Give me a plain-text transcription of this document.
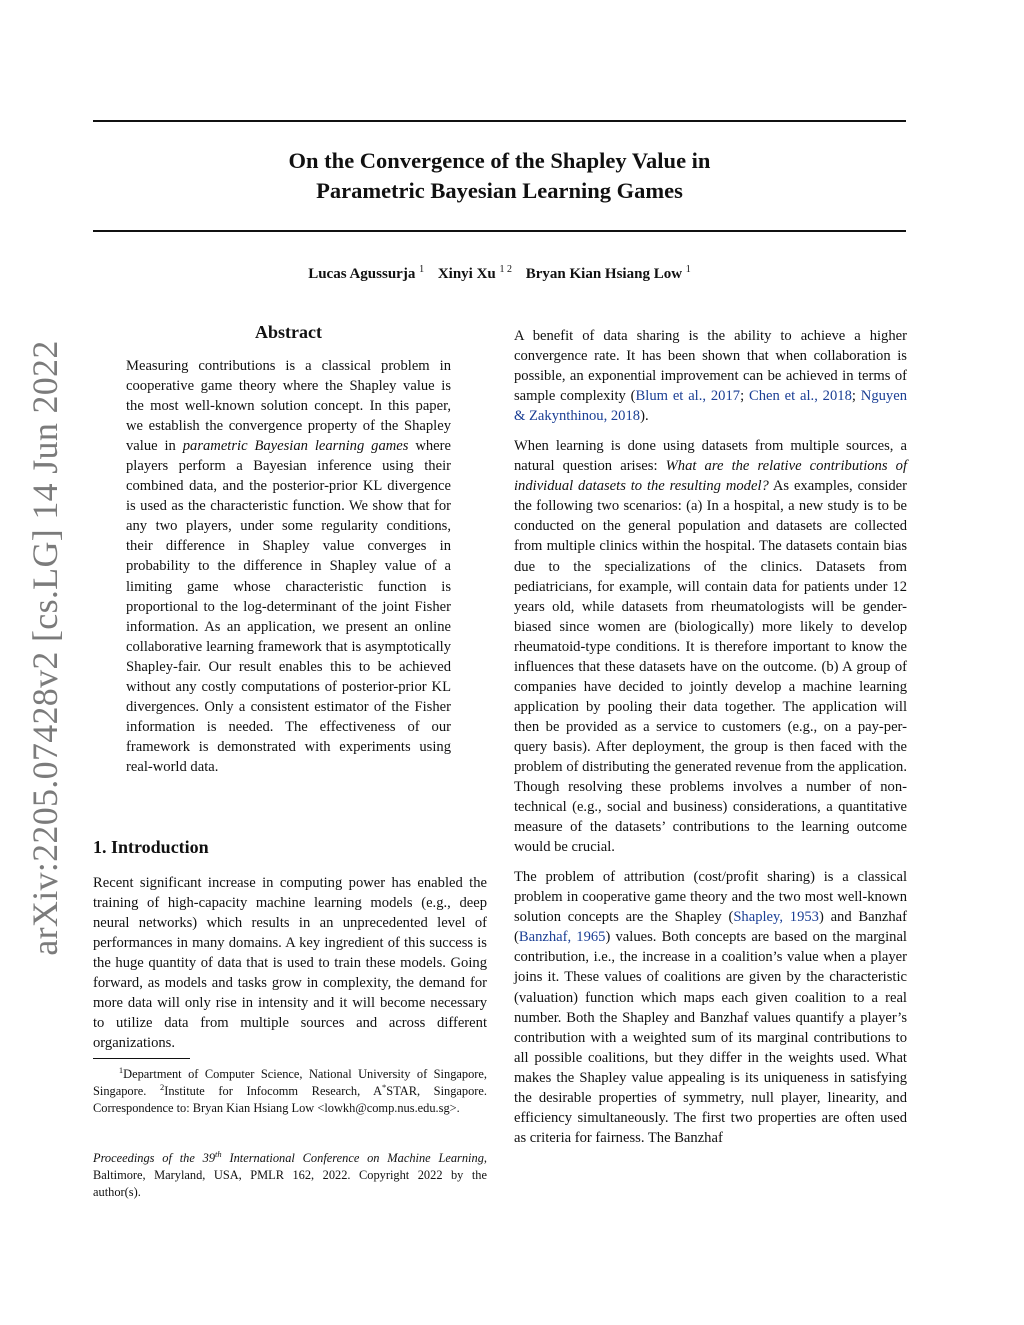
On the Convergence of the Shapley Value in
Parametric Bayesian Learning Games
Lucas Agussurja $^1$ Xinyi Xu $^{1 2}$ Bryan Kian Hsiang Low $^1$
arXiv:2205.07428v2 [cs.LG] 14 Jun 2022
Abstract
Measuring contributions is a classical problem in cooperative game theory where the Shapley value is the most well-known solution concept. In this paper, we establish the convergence property of the Shapley value in parametric Bayesian learning games where players perform a Bayesian inference using their combined data, and the posterior-prior KL divergence is used as the characteristic function. We show that for any two players, under some regularity conditions, their difference in Shapley value converges in probability to the difference in Shapley value of a limiting game whose characteristic function is proportional to the log-determinant of the joint Fisher information. As an application, we present an online collaborative learning framework that is asymptotically Shapley-fair. Our result enables this to be achieved without any costly computations of posterior-prior KL divergences. Only a consistent estimator of the Fisher information is needed. The effectiveness of our framework is demonstrated with experiments using real-world data.
1. Introduction
Recent significant increase in computing power has enabled the training of high-capacity machine learning models (e.g., deep neural networks) which results in an unprecedented level of performances in many domains. A key ingredient of this success is the huge quantity of data that is used to train these models. Going forward, as models and tasks grow in complexity, the demand for more data will only rise in intensity and it will become necessary to utilize data from multiple sources and across different organizations.
$^1$Department of Computer Science, National University of Singapore, Singapore. $^2$Institute for Infocomm Research, A*STAR, Singapore. Correspondence to: Bryan Kian Hsiang Low <lowkh@comp.nus.edu.sg>.
Proceedings of the 39th International Conference on Machine Learning, Baltimore, Maryland, USA, PMLR 162, 2022. Copyright 2022 by the author(s).

A benefit of data sharing is the ability to achieve a higher convergence rate. It has been shown that when collaboration is possible, an exponential improvement can be achieved in terms of sample complexity (Blum et al., 2017; Chen et al., 2018; Nguyen & Zakynthinou, 2018).

When learning is done using datasets from multiple sources, a natural question arises: What are the relative contributions of individual datasets to the resulting model? As examples, consider the following two scenarios: (a) In a hospital, a new study is to be conducted on the general population and datasets are collected from multiple clinics within the hospital. The datasets contain bias due to the specializations of the clinics. Datasets from pediatricians, for example, will contain data for patients under 12 years old, while datasets from rheumatologists will be gender-biased since women are (biologically) more likely to develop rheumatoid-type conditions. It is therefore important to know the influences that these datasets have on the outcome. (b) A group of companies have decided to jointly develop a machine learning application by pooling their data together. The application will then be provided as a service to customers (e.g., on a pay-per-query basis). After deployment, the group is then faced with the problem of distributing the generated revenue from the application. Though resolving these problems involves a number of non-technical (e.g., social and business) considerations, a quantitative measure of the datasets’ contributions to the learning outcome would be crucial.

The problem of attribution (cost/profit sharing) is a classical problem in cooperative game theory and the two most well-known solution concepts are the Shapley (Shapley, 1953) and Banzhaf (Banzhaf, 1965) values. Both concepts are based on the marginal contribution, i.e., the increase in a coalition’s value when a player joins it. These values of coalitions are given by the characteristic (valuation) function which maps each given coalition to a real number. Both the Shapley and Banzhaf values quantify a player’s contribution with a weighted sum of its marginal contributions to all possible coalitions, but they differ in the weights used. What makes the Shapley value appealing is its uniqueness in satisfying the desirable properties of symmetry, null player, linearity, and efficiency simultaneously. The first two properties are often used as criteria for fairness. The Banzhaf
